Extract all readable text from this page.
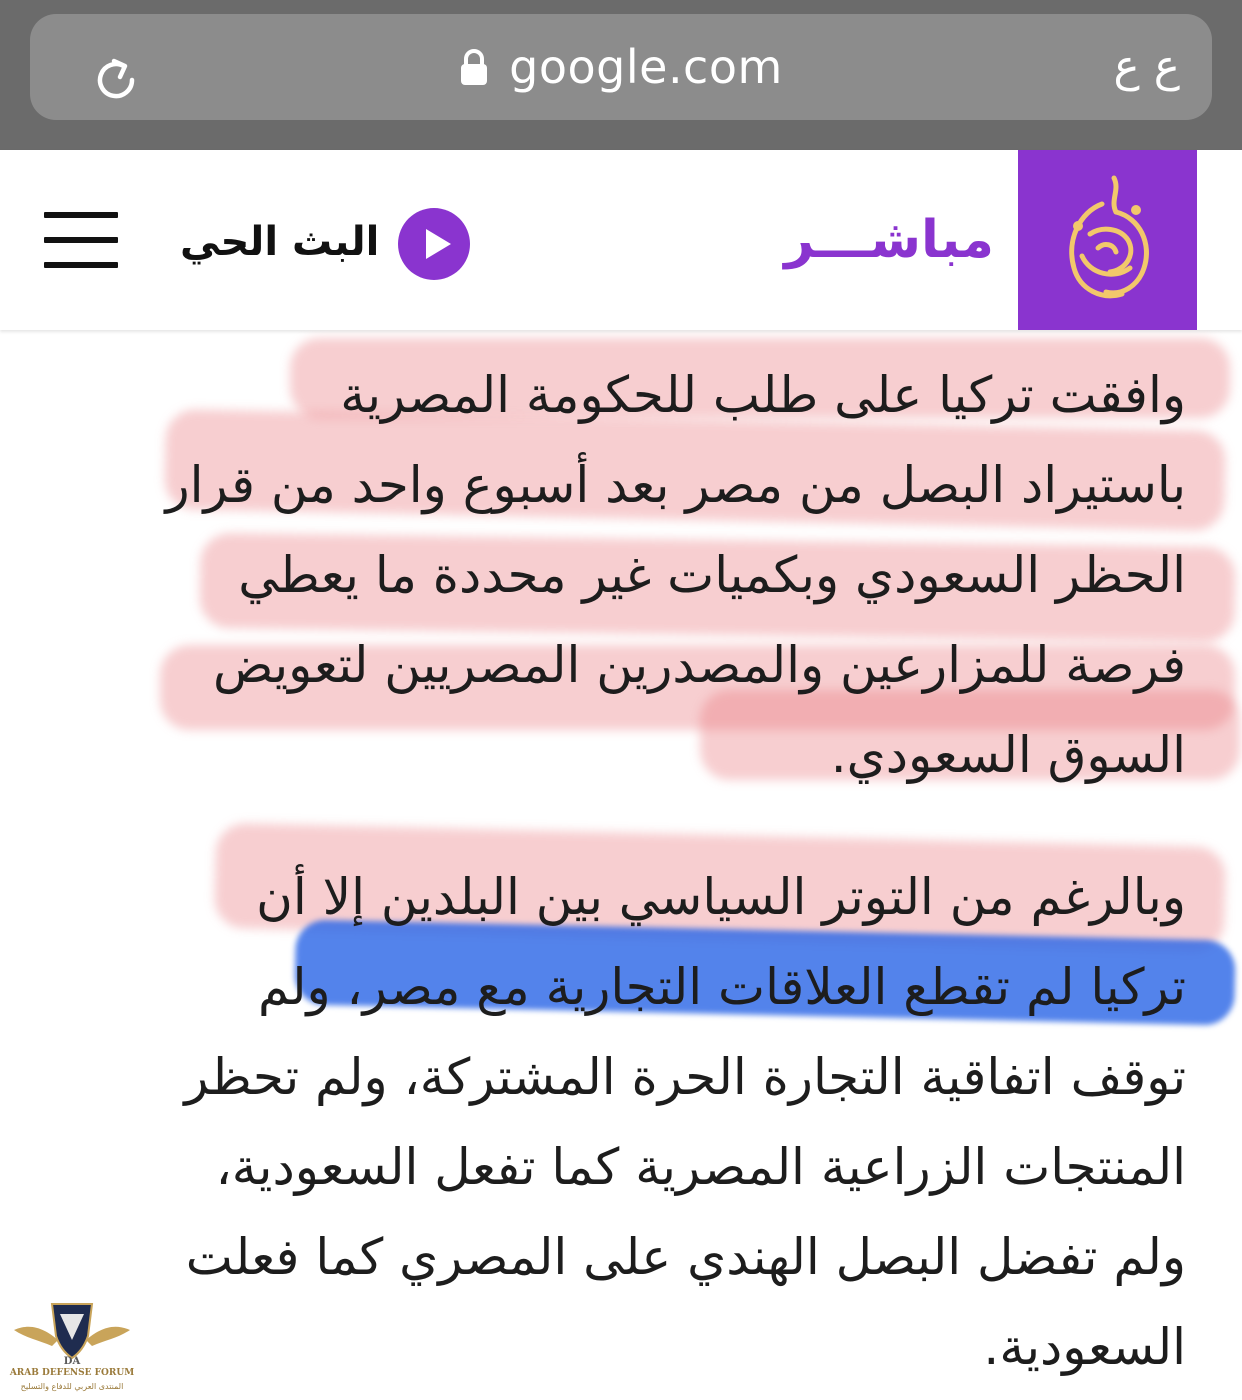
google.com	ع ع
وافقت تركيا على طلب للحكومة المصرية
باستيراد البصل من مصر بعد أسبوع واحد من قرار
الحظر السعودي وبكميات غير محددة ما يعطي
فرصة للمزارعين والمصدرين المصريين لتعويض
السوق السعودي.
وبالرغم من التوتر السياسي بين البلدين إلا أن
تركيا لم تقطع العلاقات التجارية مع مصر، ولم
توقف اتفاقية التجارة الحرة المشتركة، ولم تحظر
المنتجات الزراعية المصرية كما تفعل السعودية،
ولم تفضل البصل الهندي على المصري كما فعلت
السعودية.
مباشـــر
البث الحي
DA
ARAB DEFENSE FORUM
المنتدى العربي للدفاع والتسليح
